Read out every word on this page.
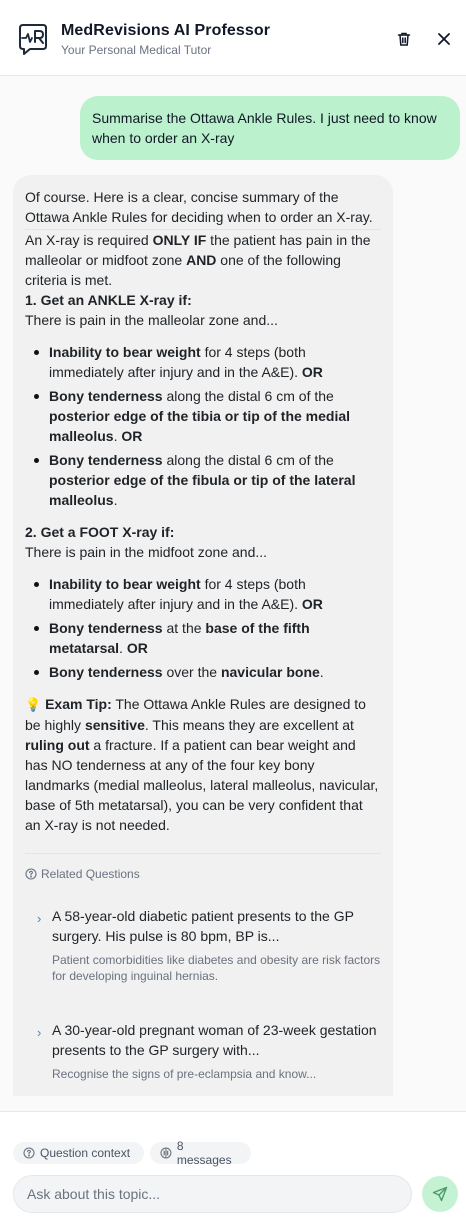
MedRevisions AI Professor
Your Personal Medical Tutor
Summarise the Ottawa Ankle Rules. I just need to know when to order an X-ray

Of course. Here is a clear, concise summary of the Ottawa Ankle Rules for deciding when to order an X-ray.

An X-ray is required ONLY IF the patient has pain in the malleolar or midfoot zone AND one of the following criteria is met.

1. Get an ANKLE X-ray if:

There is pain in the malleolar zone and...

Inability to bear weight for 4 steps (both immediately after injury and in the A&E). OR
Bony tenderness along the distal 6 cm of the posterior edge of the tibia or tip of the medial malleolus. OR
Bony tenderness along the distal 6 cm of the posterior edge of the fibula or tip of the lateral malleolus.

2. Get a FOOT X-ray if:

There is pain in the midfoot zone and...

Inability to bear weight for 4 steps (both immediately after injury and in the A&E). OR
Bony tenderness at the base of the fifth metatarsal. OR
Bony tenderness over the navicular bone.

💡 Exam Tip: The Ottawa Ankle Rules are designed to be highly sensitive. This means they are excellent at ruling out a fracture. If a patient can bear weight and has NO tenderness at any of the four key bony landmarks (medial malleolus, lateral malleolus, navicular, base of 5th metatarsal), you can be very confident that an X-ray is not needed.

Related Questions
› A 58-year-old diabetic patient presents to the GP surgery. His pulse is 80 bpm, BP is...
Patient comorbidities like diabetes and obesity are risk factors for developing inguinal hernias.
› A 30-year-old pregnant woman of 23-week gestation presents to the GP surgery with...
Recognise the signs of pre-eclampsia and know...
Question context	8 messages
Ask about this topic...
